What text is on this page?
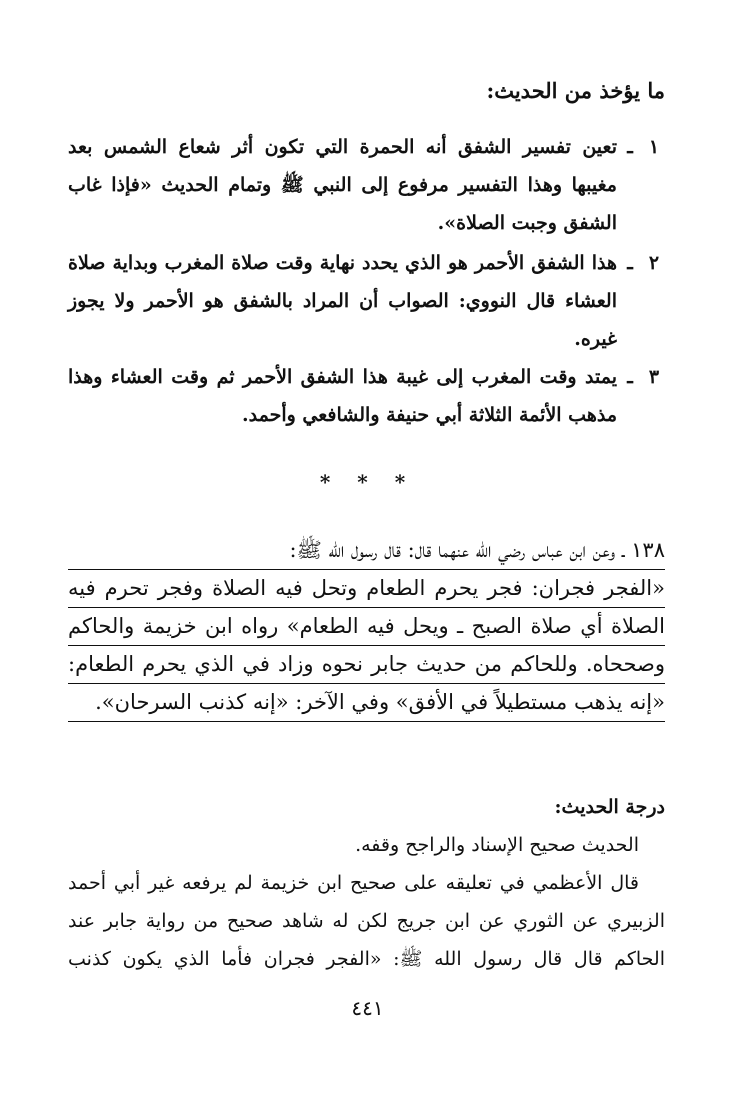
ما يؤخذ من الحديث:
١
ـ
تعين تفسير الشفق أنه الحمرة التي تكون أثر شعاع الشمس بعد مغيبها وهذا التفسير مرفوع إلى النبي ﷺ وتمام الحديث «فإذا غاب الشفق وجبت الصلاة».
٢
ـ
هذا الشفق الأحمر هو الذي يحدد نهاية وقت صلاة المغرب وبداية صلاة العشاء قال النووي: الصواب أن المراد بالشفق هو الأحمر ولا يجوز غيره.
٣
ـ
يمتد وقت المغرب إلى غيبة هذا الشفق الأحمر ثم وقت العشاء وهذا مذهب الأئمة الثلاثة أبي حنيفة والشافعي وأحمد.
* * *
١٣٨ ـ وعن ابن عباس رضي الله عنهما قال: قال رسول الله ﷺ:
«الفجر فجران: فجر يحرم الطعام وتحل فيه الصلاة وفجر تحرم فيه
الصلاة أي صلاة الصبح ـ ويحل فيه الطعام» رواه ابن خزيمة والحاكم
وصححاه. وللحاكم من حديث جابر نحوه وزاد في الذي يحرم الطعام:
«إنه يذهب مستطيلاً في الأفق» وفي الآخر: «إنه كذنب السرحان».
درجة الحديث:
الحديث صحيح الإسناد والراجح وقفه.
قال الأعظمي في تعليقه على صحيح ابن خزيمة لم يرفعه غير أبي أحمد الزبيري عن الثوري عن ابن جريج لكن له شاهد صحيح من رواية جابر عند الحاكم قال قال رسول الله ﷺ: «الفجر فجران فأما الذي يكون كذنب
٤٤١
